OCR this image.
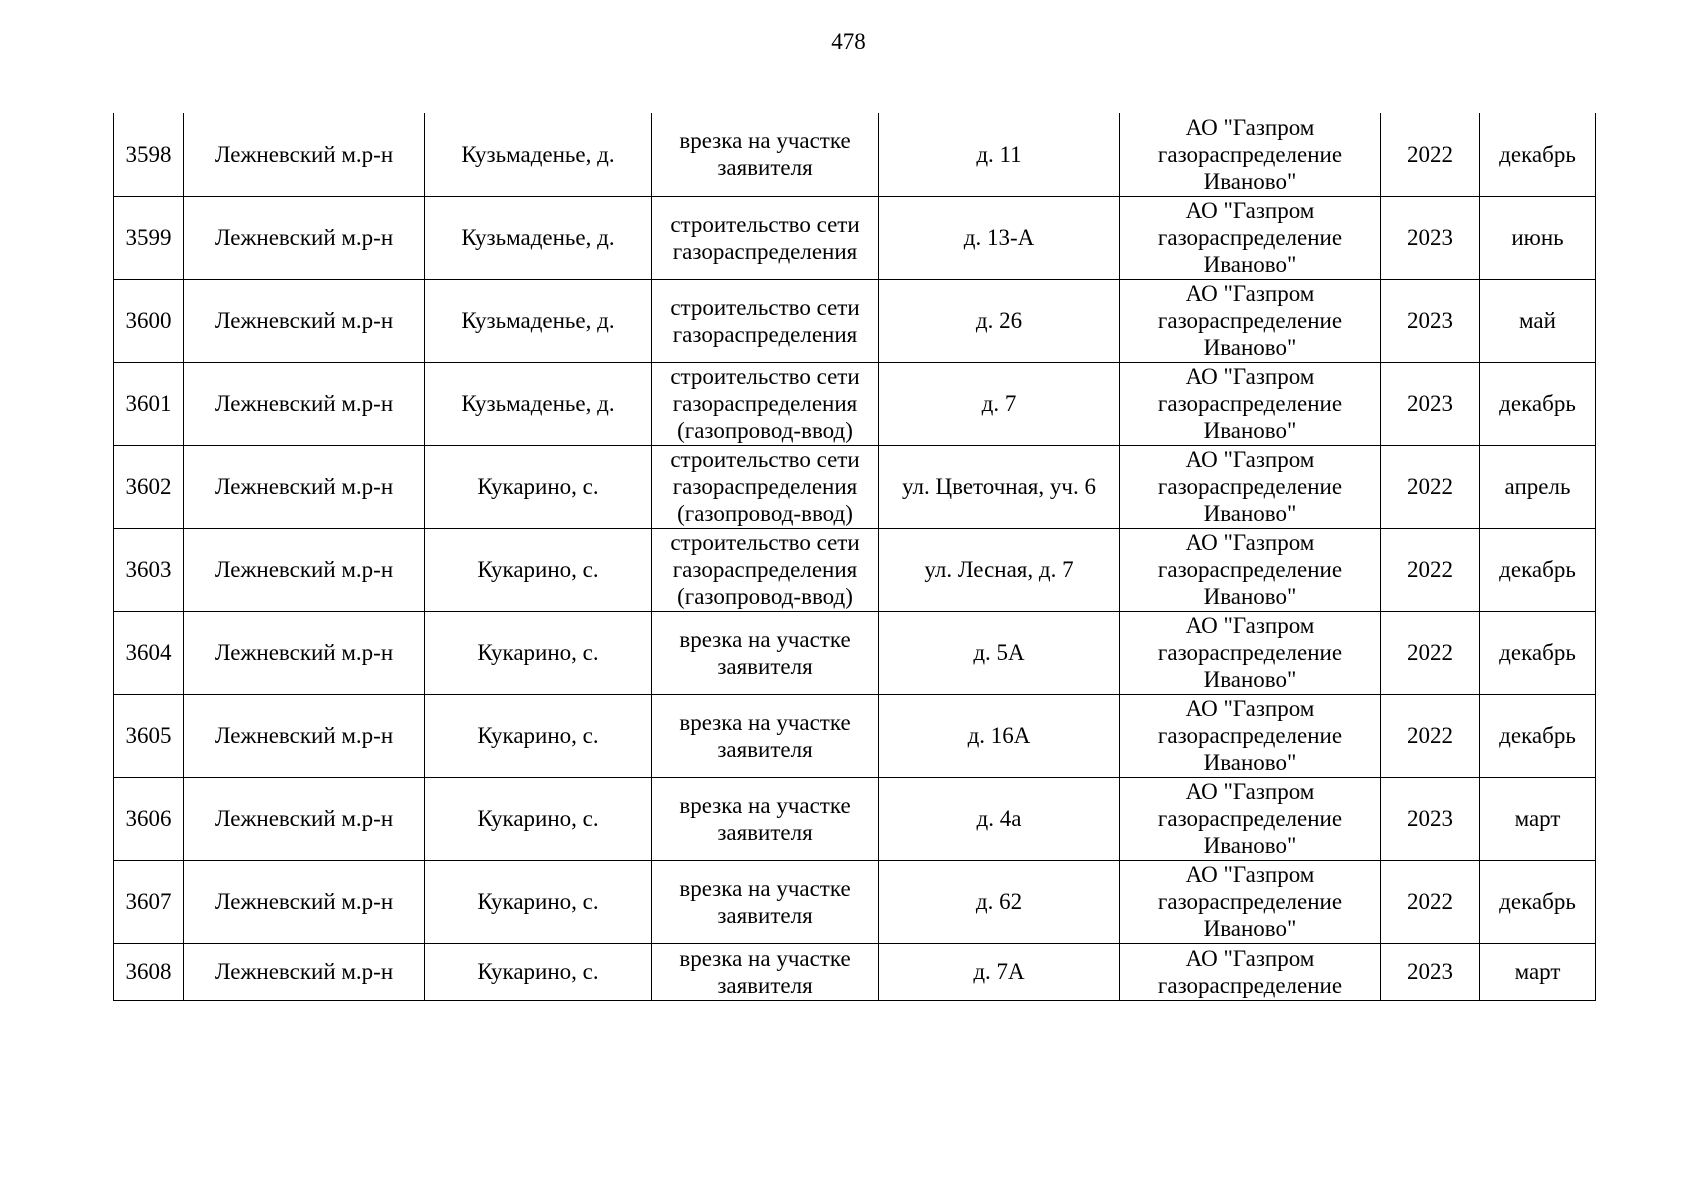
478
3598	Лежневский м.р-н	Кузьмаденье, д.	врезка на участке
заявителя	д. 11	АО "Газпром
газораспределение
Иваново"	2022	декабрь
3599	Лежневский м.р-н	Кузьмаденье, д.	строительство сети
газораспределения	д. 13-А	АО "Газпром
газораспределение
Иваново"	2023	июнь
3600	Лежневский м.р-н	Кузьмаденье, д.	строительство сети
газораспределения	д. 26	АО "Газпром
газораспределение
Иваново"	2023	май
3601	Лежневский м.р-н	Кузьмаденье, д.	строительство сети
газораспределения
(газопровод-ввод)	д. 7	АО "Газпром
газораспределение
Иваново"	2023	декабрь
3602	Лежневский м.р-н	Кукарино, с.	строительство сети
газораспределения
(газопровод-ввод)	ул. Цветочная, уч. 6	АО "Газпром
газораспределение
Иваново"	2022	апрель
3603	Лежневский м.р-н	Кукарино, с.	строительство сети
газораспределения
(газопровод-ввод)	ул. Лесная, д. 7	АО "Газпром
газораспределение
Иваново"	2022	декабрь
3604	Лежневский м.р-н	Кукарино, с.	врезка на участке
заявителя	д. 5А	АО "Газпром
газораспределение
Иваново"	2022	декабрь
3605	Лежневский м.р-н	Кукарино, с.	врезка на участке
заявителя	д. 16А	АО "Газпром
газораспределение
Иваново"	2022	декабрь
3606	Лежневский м.р-н	Кукарино, с.	врезка на участке
заявителя	д. 4а	АО "Газпром
газораспределение
Иваново"	2023	март
3607	Лежневский м.р-н	Кукарино, с.	врезка на участке
заявителя	д. 62	АО "Газпром
газораспределение
Иваново"	2022	декабрь
3608	Лежневский м.р-н	Кукарино, с.	врезка на участке
заявителя	д. 7А	АО "Газпром
газораспределение	2023	март
